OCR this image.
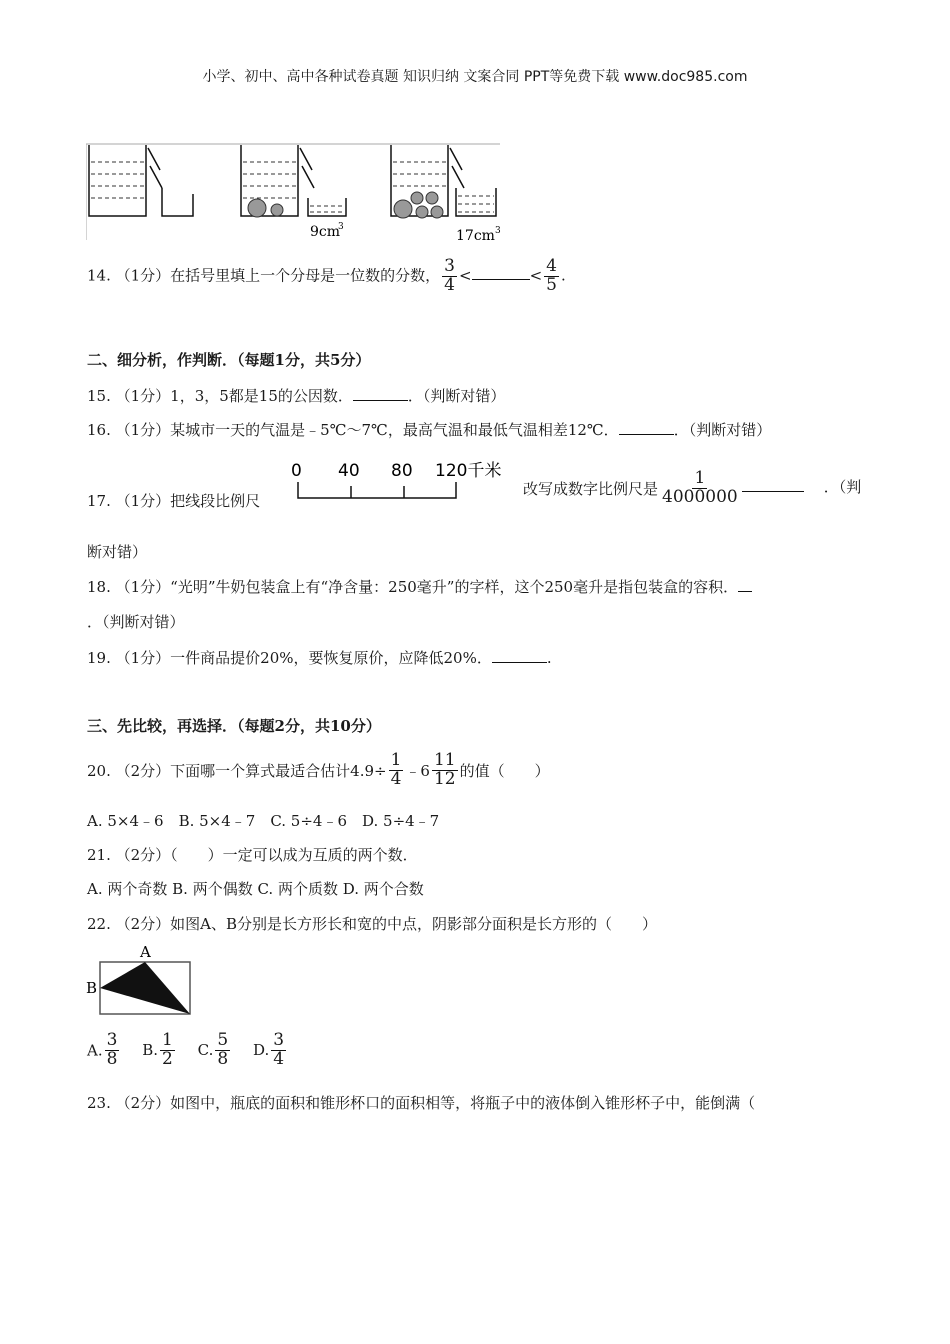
小学、初中、高中各种试卷真题 知识归纳 文案合同 PPT等免费下载 www.doc985.com
9cm
3
17cm 3
14. （1分）在括号里填上一个分母是一位数的分数， $\frac{3}{4}$ <	< $\frac{4}{5}$ .
二、细分析，作判断．（每题1分，共5分）
15. （1分）1，3，5都是15的公因数．	．（判断对错）
16. （1分）某城市一天的气温是﹣5℃～7℃，最高气温和最低气温相差12℃．	．（判断对错）
17. （1分）把线段比例尺
0 40 80 120千米
改写成数字比例尺是 $\frac{1}{4000000}$	．（判
断对错）
18. （1分）“光明”牛奶包装盒上有“净含量：250毫升”的字样，这个250毫升是指包装盒的容积．
．（判断对错）
19. （1分）一件商品提价20%，要恢复原价，应降低20%．	.
三、先比较，再选择．（每题2分，共10分）
20. （2分）下面哪一个算式最适合估计$4.9\div \frac{1}{4}$ ﹣6 $\frac{11}{12}$ 的值（　　）
A. 5×4﹣6　B. 5×4﹣7　C. 5÷4﹣6　D. 5÷4﹣7
21. （2分）（　　）一定可以成为互质的两个数．
A. 两个奇数 B. 两个偶数 C. 两个质数 D. 两个合数
22. （2分）如图A、B分别是长方形长和宽的中点，阴影部分面积是长方形的（　　）
A
B
A. $\frac{3}{8} B$. $\frac{1}{2} C$. $\frac{5}{8} D$. $\frac{3}{4}$
23. （2分）如图中，瓶底的面积和锥形杯口的面积相等，将瓶子中的液体倒入锥形杯子中，能倒满（
